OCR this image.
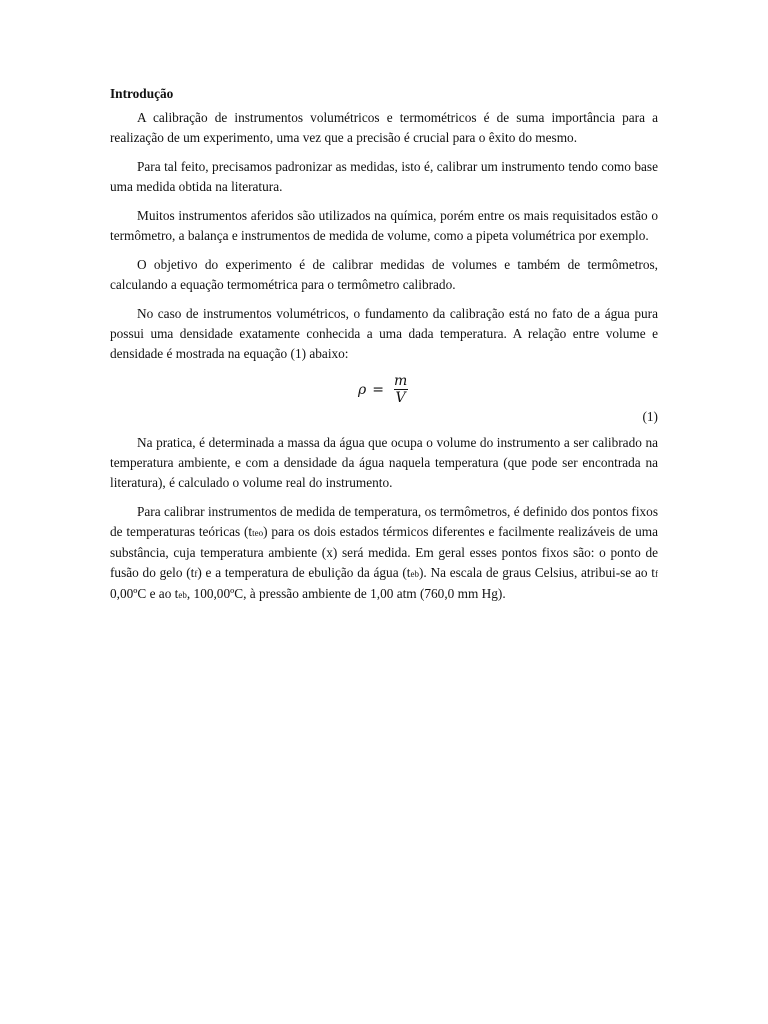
Introdução

A calibração de instrumentos volumétricos e termométricos é de suma importância para a realização de um experimento, uma vez que a precisão é crucial para o êxito do mesmo.

Para tal feito, precisamos padronizar as medidas, isto é, calibrar um instrumento tendo como base uma medida obtida na literatura.

Muitos instrumentos aferidos são utilizados na química, porém entre os mais requisitados estão o termômetro, a balança e instrumentos de medida de volume, como a pipeta volumétrica por exemplo.

O objetivo do experimento é de calibrar medidas de volumes e também de termômetros, calculando a equação termométrica para o termômetro calibrado.

No caso de instrumentos volumétricos, o fundamento da calibração está no fato de a água pura possui uma densidade exatamente conhecida a uma dada temperatura. A relação entre volume e densidade é mostrada na equação (1) abaixo:

$\rho = \frac{m}{V}$
(1)

Na pratica, é determinada a massa da água que ocupa o volume do instrumento a ser calibrado na temperatura ambiente, e com a densidade da água naquela temperatura (que pode ser encontrada na literatura), é calculado o volume real do instrumento.

Para calibrar instrumentos de medida de temperatura, os termômetros, é definido dos pontos fixos de temperaturas teóricas (tteo) para os dois estados térmicos diferentes e facilmente realizáveis de uma substância, cuja temperatura ambiente (x) será medida. Em geral esses pontos fixos são: o ponto de fusão do gelo (tf) e a temperatura de ebulição da água (teb). Na escala de graus Celsius, atribui-se ao tf 0,00ºC e ao teb, 100,00ºC, à pressão ambiente de 1,00 atm (760,0 mm Hg).
